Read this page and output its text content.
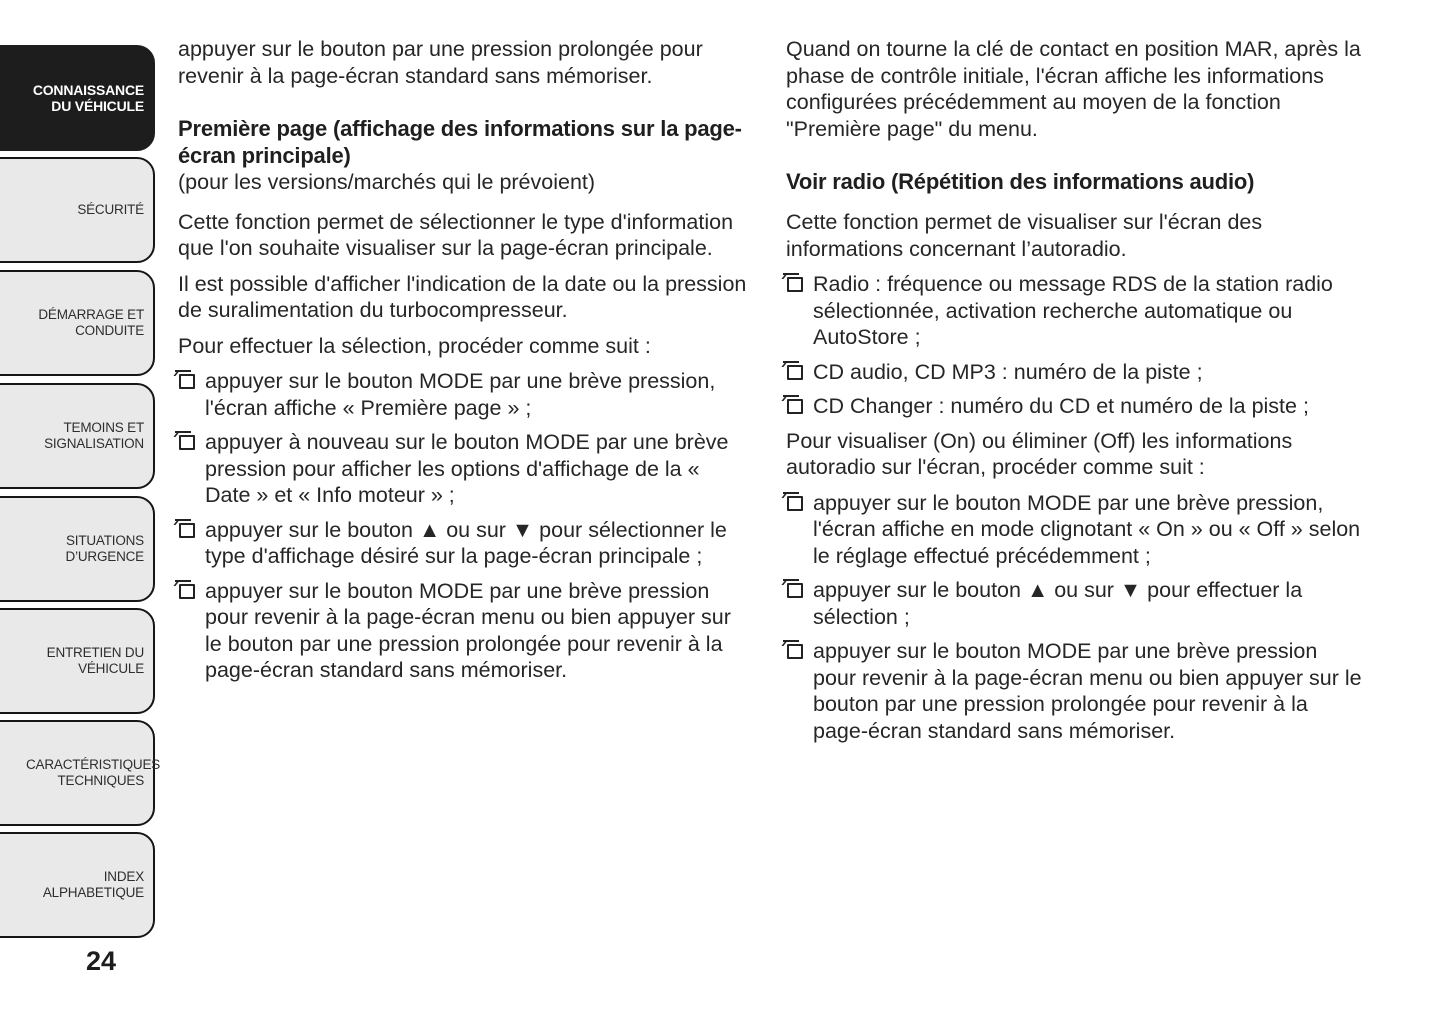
CONNAISSANCE DU VÉHICULE
SÉCURITÉ
DÉMARRAGE ET CONDUITE
TEMOINS ET SIGNALISATION
SITUATIONS D’URGENCE
ENTRETIEN DU VÉHICULE
CARACTÉRISTIQUES TECHNIQUES
INDEX ALPHABETIQUE
24

appuyer sur le bouton par une pression prolongée pour revenir à la page-écran standard sans mémoriser.

Première page (affichage des informations sur la page-écran principale)

(pour les versions/marchés qui le prévoient)

Cette fonction permet de sélectionner le type d'information que l'on souhaite visualiser sur la page-écran principale.

Il est possible d'afficher l'indication de la date ou la pression de suralimentation du turbocompresseur.

Pour effectuer la sélection, procéder comme suit :

appuyer sur le bouton MODE par une brève pression, l'écran affiche « Première page » ;
appuyer à nouveau sur le bouton MODE par une brève pression pour afficher les options d'affichage de la « Date » et « Info moteur » ;
appuyer sur le bouton ▲ ou sur ▼ pour sélectionner le type d'affichage désiré sur la page-écran principale ;
appuyer sur le bouton MODE par une brève pression pour revenir à la page-écran menu ou bien appuyer sur le bouton par une pression prolongée pour revenir à la page-écran standard sans mémoriser.

Quand on tourne la clé de contact en position MAR, après la phase de contrôle initiale, l'écran affiche les informations configurées précédemment au moyen de la fonction "Première page" du menu.

Voir radio (Répétition des informations audio)

Cette fonction permet de visualiser sur l'écran des informations concernant l’autoradio.

Radio : fréquence ou message RDS de la station radio sélectionnée, activation recherche automatique ou AutoStore ;
CD audio, CD MP3 : numéro de la piste ;
CD Changer : numéro du CD et numéro de la piste ;

Pour visualiser (On) ou éliminer (Off) les informations autoradio sur l'écran, procéder comme suit :

appuyer sur le bouton MODE par une brève pression, l'écran affiche en mode clignotant « On » ou « Off » selon le réglage effectué précédemment ;
appuyer sur le bouton ▲ ou sur ▼ pour effectuer la sélection ;
appuyer sur le bouton MODE par une brève pression pour revenir à la page-écran menu ou bien appuyer sur le bouton par une pression prolongée pour revenir à la page-écran standard sans mémoriser.
